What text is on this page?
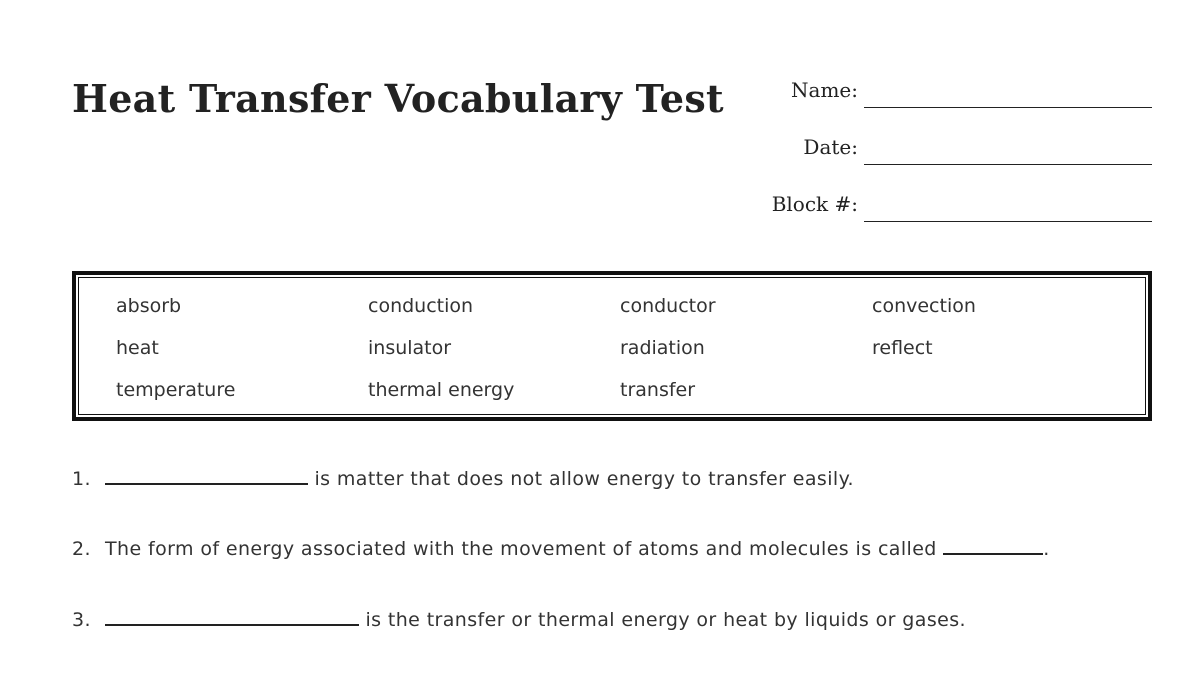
Heat Transfer Vocabulary Test	Name:
Date:
Block #:
absorb	conduction	conductor	convection
heat	insulator	radiation	reflect
temperature	thermal energy	transfer
1.	is matter that does not allow energy to transfer easily.
2. The form of energy associated with the movement of atoms and molecules is called	.
3.	is the transfer or thermal energy or heat by liquids or gases.
